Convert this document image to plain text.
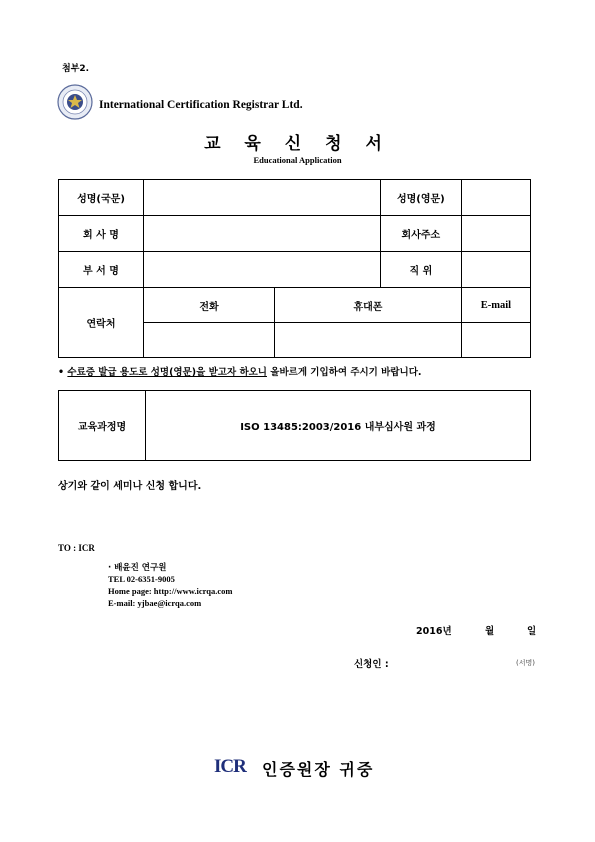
첨부2.
International Certification Registrar Ltd.
교 육 신 청 서
Educational Application
성명(국문)			성명(영문)	
회 사 명			회사주소	
부 서 명			직 위	
연락처	전화	휴대폰		E-mail

• 수료증 발급 용도로 성명(영문)을 받고자 하오니 올바르게 기입하여 주시기 바랍니다.
교육과정명	ISO 13485:2003/2016 내부심사원 과정
상기와 같이 세미나 신청 합니다.
TO : ICR
· 배윤진 연구원
TEL 02-6351-9005
Home page: http://www.icrqa.com
E-mail: yjbae@icrqa.com
2016년	월	일
신청인 :	(서명)
ICR 인증원장 귀중
